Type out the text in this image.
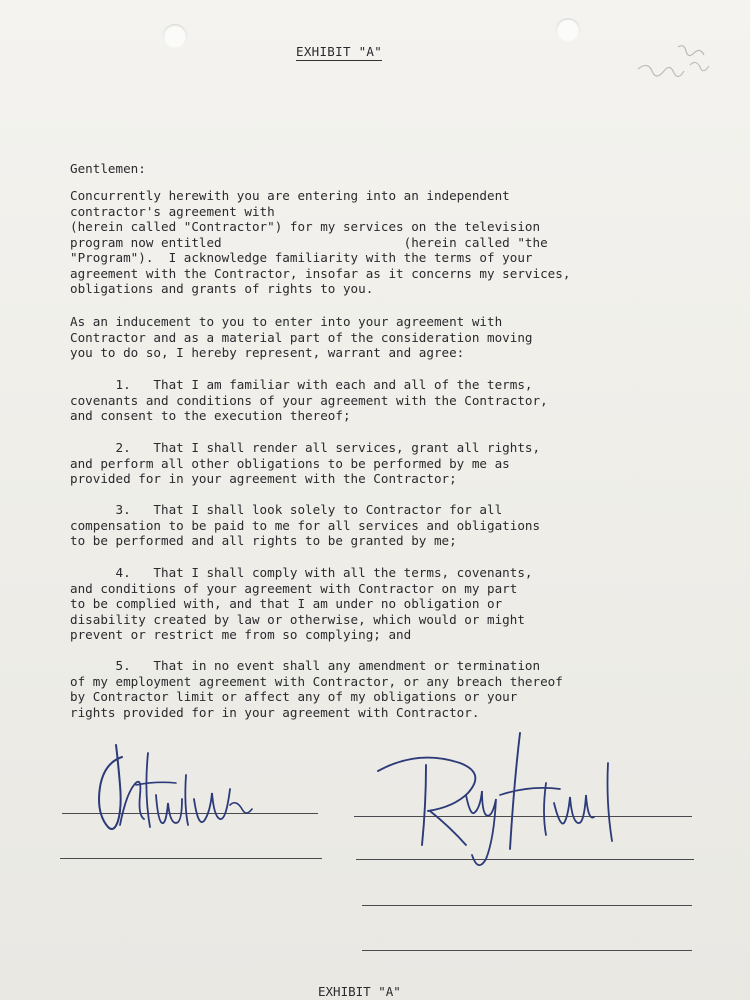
EXHIBIT "A"
Gentlemen:
Concurrently herewith you are entering into an independent
contractor's agreement with
(herein called "Contractor") for my services on the television
program now entitled                        (herein called "the
"Program").  I acknowledge familiarity with the terms of your
agreement with the Contractor, insofar as it concerns my services,
obligations and grants of rights to you.
As an inducement to you to enter into your agreement with
Contractor and as a material part of the consideration moving
you to do so, I hereby represent, warrant and agree:
1.   That I am familiar with each and all of the terms,
covenants and conditions of your agreement with the Contractor,
and consent to the execution thereof;
2.   That I shall render all services, grant all rights,
and perform all other obligations to be performed by me as
provided for in your agreement with the Contractor;
3.   That I shall look solely to Contractor for all
compensation to be paid to me for all services and obligations
to be performed and all rights to be granted by me;
4.   That I shall comply with all the terms, covenants,
and conditions of your agreement with Contractor on my part
to be complied with, and that I am under no obligation or
disability created by law or otherwise, which would or might
prevent or restrict me from so complying; and
5.   That in no event shall any amendment or termination
of my employment agreement with Contractor, or any breach thereof
by Contractor limit or affect any of my obligations or your
rights provided for in your agreement with Contractor.
EXHIBIT "A"
